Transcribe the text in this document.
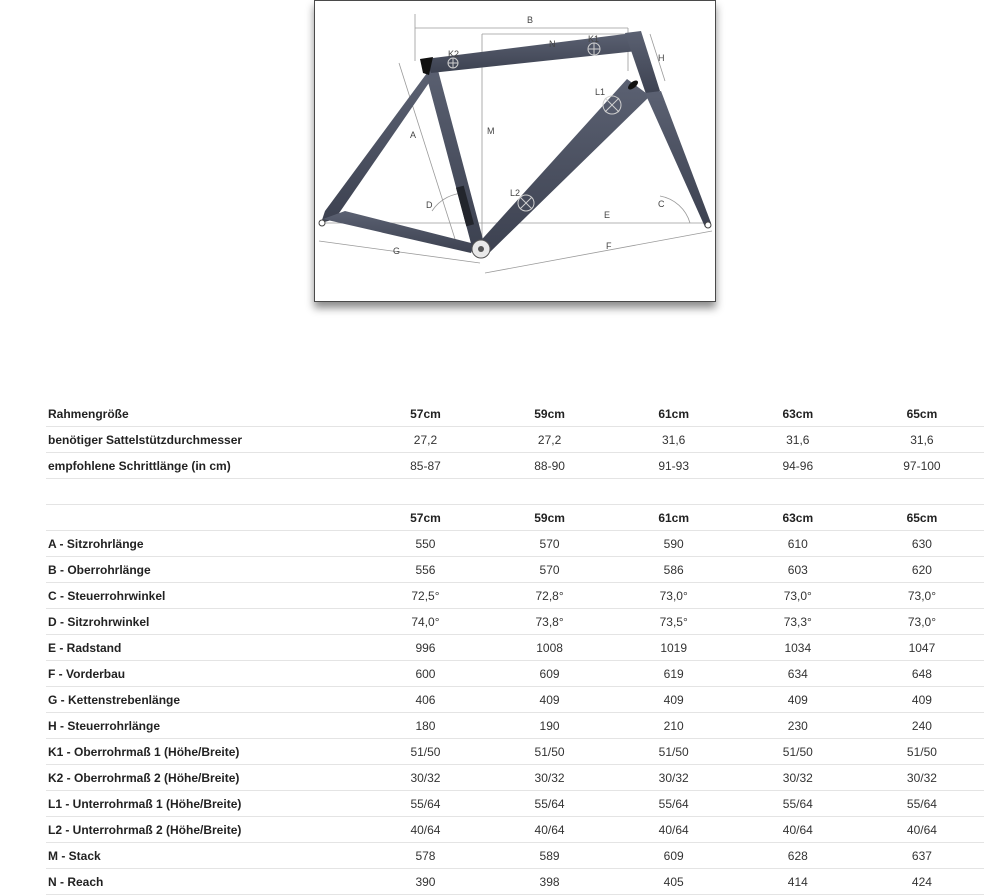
B
N	K1
K2	H
L1
A	M
D
L2
E
C
G	F
Rahmengröße	57cm	59cm	61cm	63cm	65cm
benötiger Sattelstützdurchmesser	27,2	27,2	31,6	31,6	31,6
empfohlene Schrittlänge (in cm)	85-87	88-90	91-93	94-96	97-100

	57cm	59cm	61cm	63cm	65cm
A - Sitzrohrlänge	550	570	590	610	630
B - Oberrohrlänge	556	570	586	603	620
C - Steuerrohrwinkel	72,5°	72,8°	73,0°	73,0°	73,0°
D - Sitzrohrwinkel	74,0°	73,8°	73,5°	73,3°	73,0°
E - Radstand	996	1008	1019	1034	1047
F - Vorderbau	600	609	619	634	648
G - Kettenstrebenlänge	406	409	409	409	409
H - Steuerrohrlänge	180	190	210	230	240
K1 - Oberrohrmaß 1 (Höhe/Breite)	51/50	51/50	51/50	51/50	51/50
K2 - Oberrohrmaß 2 (Höhe/Breite)	30/32	30/32	30/32	30/32	30/32
L1 - Unterrohrmaß 1 (Höhe/Breite)	55/64	55/64	55/64	55/64	55/64
L2 - Unterrohrmaß 2 (Höhe/Breite)	40/64	40/64	40/64	40/64	40/64
M - Stack	578	589	609	628	637
N - Reach	390	398	405	414	424
